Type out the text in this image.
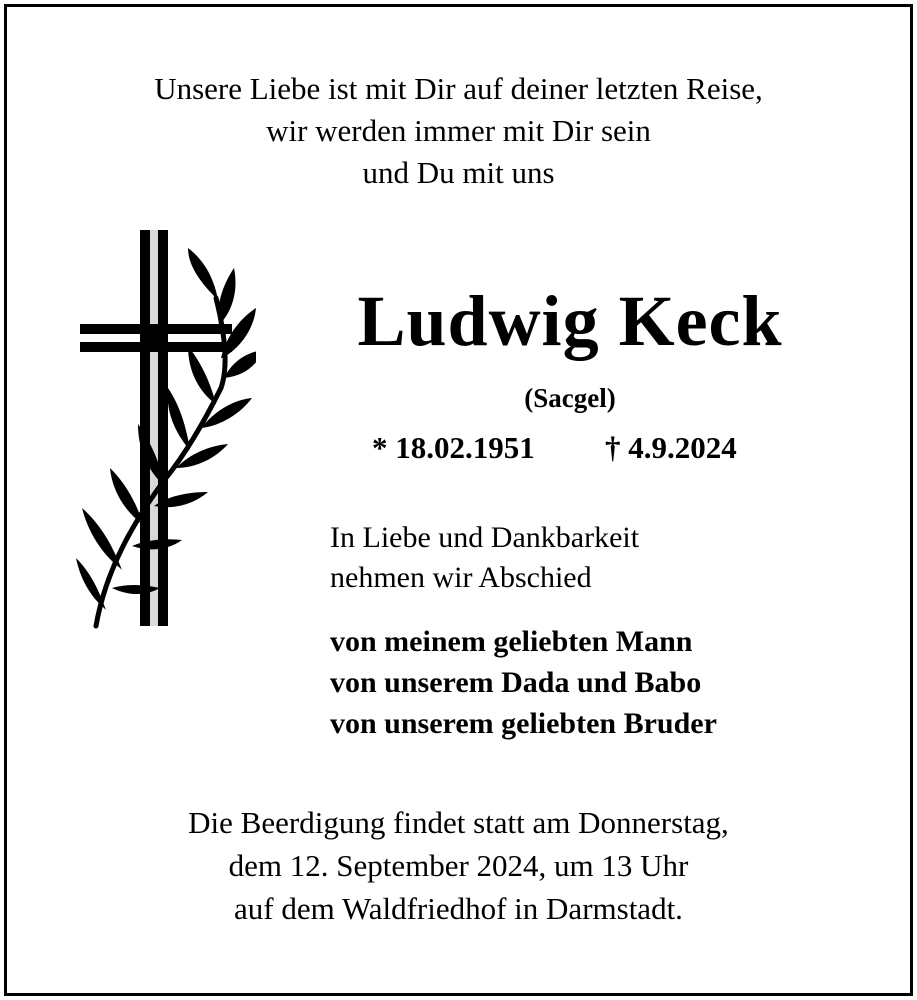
Unsere Liebe ist mit Dir auf deiner letzten Reise,
wir werden immer mit Dir sein
und Du mit uns
Ludwig Keck
(Sacgel)
* 18.02.1951 † 4.9.2024
In Liebe und Dankbarkeit
nehmen wir Abschied
von meinem geliebten Mann
von unserem Dada und Babo
von unserem geliebten Bruder
Die Beerdigung findet statt am Donnerstag,
dem 12. September 2024, um 13 Uhr
auf dem Waldfriedhof in Darmstadt.
